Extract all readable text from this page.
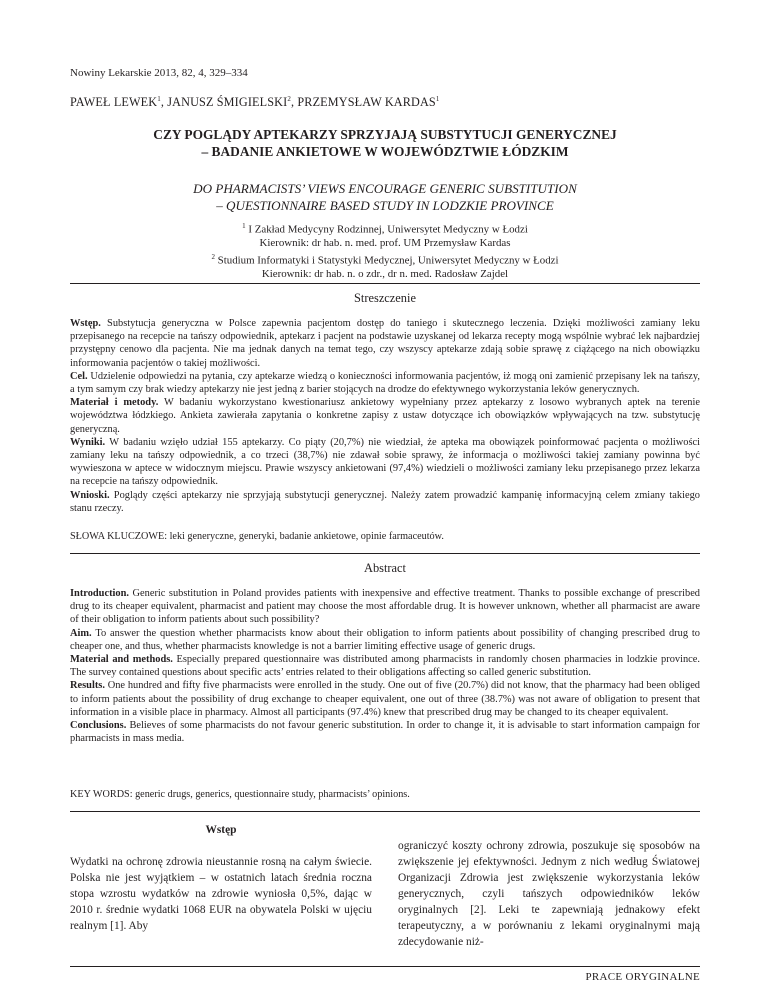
Nowiny Lekarskie 2013, 82, 4, 329–334
PAWEŁ LEWEK$^1$, JANUSZ ŚMIGIELSKI$^2$, PRZEMYSŁAW KARDAS$^1$
CZY POGLĄDY APTEKARZY SPRZYJAJĄ SUBSTYTUCJI GENERYCZNEJ
– BADANIE ANKIETOWE W WOJEWÓDZTWIE ŁÓDZKIM
DO PHARMACISTS’ VIEWS ENCOURAGE GENERIC SUBSTITUTION
– QUESTIONNAIRE BASED STUDY IN LODZKIE PROVINCE
$^1$ I Zakład Medycyny Rodzinnej, Uniwersytet Medyczny w Łodzi
Kierownik: dr hab. n. med. prof. UM Przemysław Kardas
$^2$ Studium Informatyki i Statystyki Medycznej, Uniwersytet Medyczny w Łodzi
Kierownik: dr hab. n. o zdr., dr n. med. Radosław Zajdel
Streszczenie

Wstęp. Substytucja generyczna w Polsce zapewnia pacjentom dostęp do taniego i skutecznego leczenia. Dzięki możliwości zamiany leku przepisanego na recepcie na tańszy odpowiednik, aptekarz i pacjent na podstawie uzyskanej od lekarza recepty mogą wspólnie wybrać lek najbardziej przystępny cenowo dla pacjenta. Nie ma jednak danych na temat tego, czy wszyscy aptekarze zdają sobie sprawę z ciążącego na nich obowiązku informowania pacjentów o takiej możliwości.

Cel. Udzielenie odpowiedzi na pytania, czy aptekarze wiedzą o konieczności informowania pacjentów, iż mogą oni zamienić przepisany lek na tańszy, a tym samym czy brak wiedzy aptekarzy nie jest jedną z barier stojących na drodze do efektywnego wykorzystania leków generycznych.

Materiał i metody. W badaniu wykorzystano kwestionariusz ankietowy wypełniany przez aptekarzy z losowo wybranych aptek na terenie województwa łódzkiego. Ankieta zawierała zapytania o konkretne zapisy z ustaw dotyczące ich obowiązków wpływających na tzw. substytucję generyczną.

Wyniki. W badaniu wzięło udział 155 aptekarzy. Co piąty (20,7%) nie wiedział, że apteka ma obowiązek poinformować pacjenta o możliwości zamiany leku na tańszy odpowiednik, a co trzeci (38,7%) nie zdawał sobie sprawy, że informacja o możliwości takiej zamiany powinna być wywieszona w aptece w widocznym miejscu. Prawie wszyscy ankietowani (97,4%) wiedzieli o możliwości zamiany leku przepisanego przez lekarza na recepcie na tańszy odpowiednik.

Wnioski. Poglądy części aptekarzy nie sprzyjają substytucji generycznej. Należy zatem prowadzić kampanię informacyjną celem zmiany takiego stanu rzeczy.

SŁOWA KLUCZOWE: leki generyczne, generyki, badanie ankietowe, opinie farmaceutów.
Abstract

Introduction. Generic substitution in Poland provides patients with inexpensive and effective treatment. Thanks to possible exchange of prescribed drug to its cheaper equivalent, pharmacist and patient may choose the most affordable drug. It is however unknown, whether all pharmacist are aware of their obligation to inform patients about such possibility?

Aim. To answer the question whether pharmacists know about their obligation to inform patients about possibility of changing prescribed drug to cheaper one, and thus, whether pharmacists knowledge is not a barrier limiting effective usage of generic drugs.

Material and methods. Especially prepared questionnaire was distributed among pharmacists in randomly chosen pharmacies in lodzkie province. The survey contained questions about specific acts’ entries related to their obligations affecting so called generic substitution.

Results. One hundred and fifty five pharmacists were enrolled in the study. One out of five (20.7%) did not know, that the pharmacy had been obliged to inform patients about the possibility of drug exchange to cheaper equivalent, one out of three (38.7%) was not aware of obligation to present that information in a visible place in pharmacy. Almost all participants (97.4%) knew that prescribed drug may be changed to its cheaper equivalent.

Conclusions. Believes of some pharmacists do not favour generic substitution. In order to change it, it is advisable to start information campaign for pharmacists in mass media.

KEY WORDS: generic drugs, generics, questionnaire study, pharmacists’ opinions.

Wstęp

Wydatki na ochronę zdrowia nieustannie rosną na całym świecie. Polska nie jest wyjątkiem – w ostatnich latach średnia roczna stopa wzrostu wydatków na zdrowie wyniosła 0,5%, dając w 2010 r. średnie wydatki 1068 EUR na obywatela Polski w ujęciu realnym [1]. Aby

ograniczyć koszty ochrony zdrowia, poszukuje się sposobów na zwiększenie jej efektywności. Jednym z nich według Światowej Organizacji Zdrowia jest zwiększenie wykorzystania leków generycznych, czyli tańszych odpowiedników leków oryginalnych [2]. Leki te zapewniają jednakowy efekt terapeutyczny, a w porównaniu z lekami oryginalnymi mają zdecydowanie niż-

PRACE ORYGINALNE
